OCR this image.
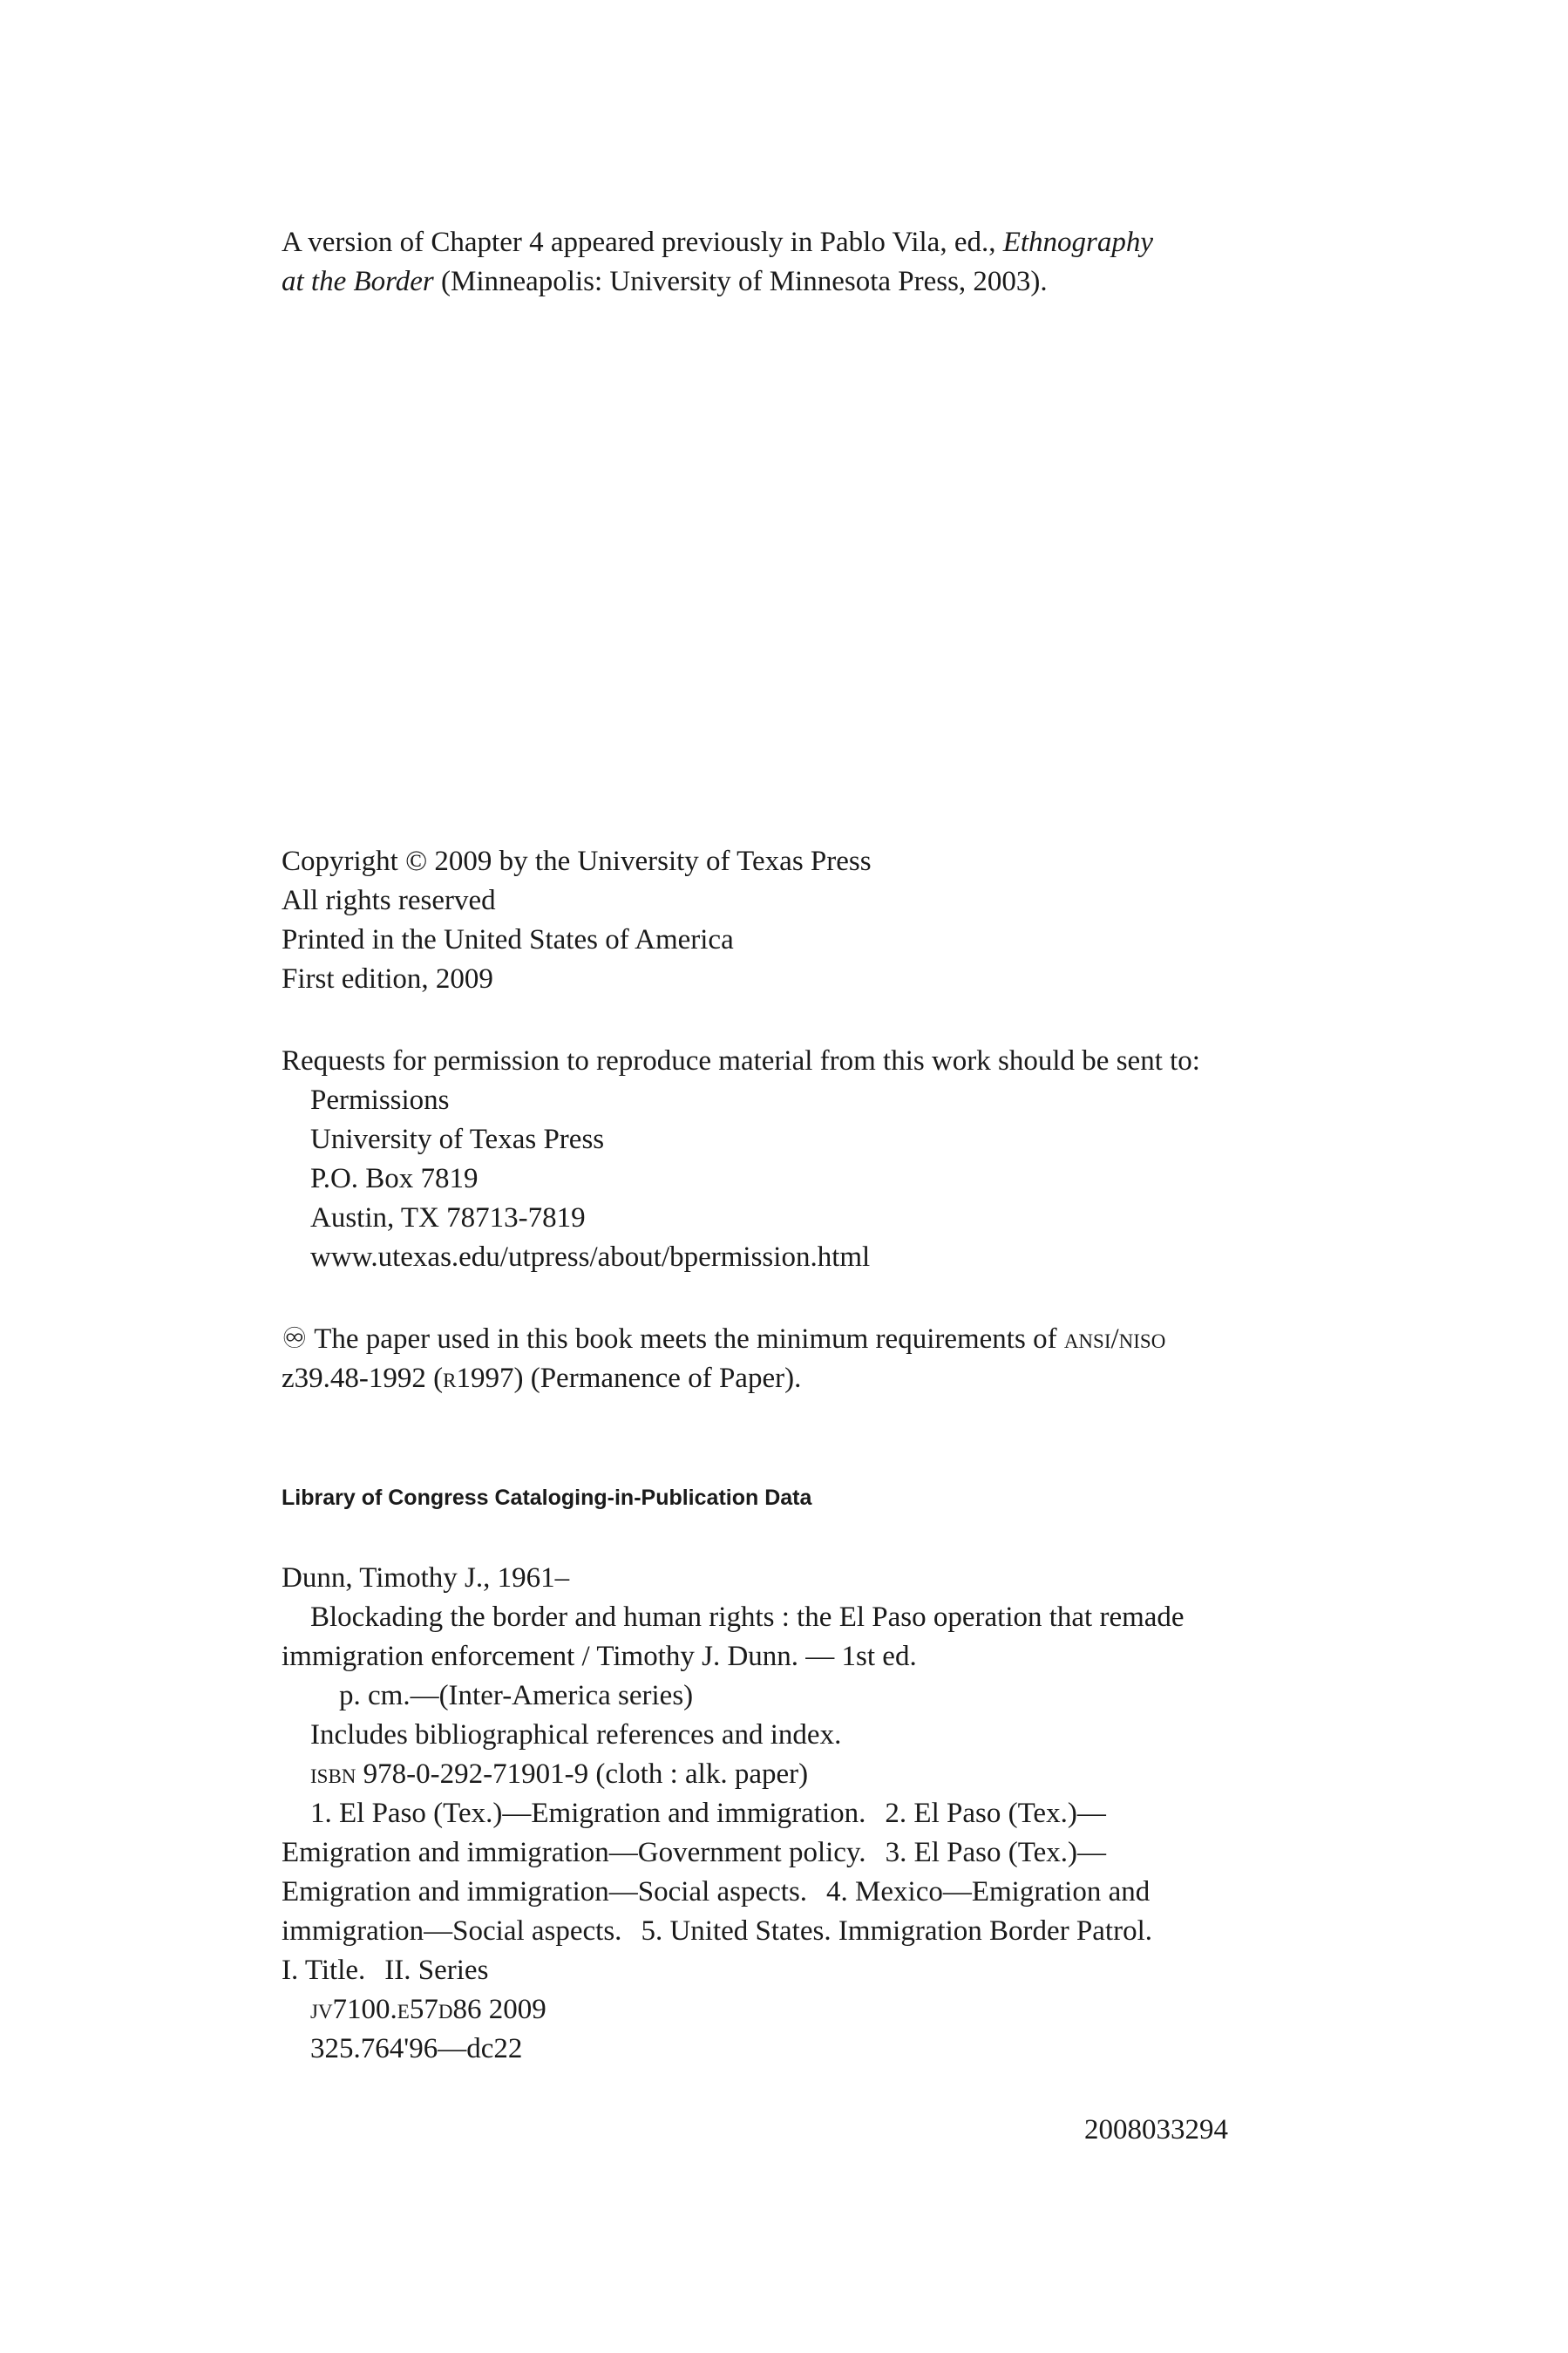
A version of Chapter 4 appeared previously in Pablo Vila, ed., Ethnography
at the Border (Minneapolis: University of Minnesota Press, 2003).
Copyright © 2009 by the University of Texas Press
All rights reserved
Printed in the United States of America
First edition, 2009
Requests for permission to reproduce material from this work should be sent to:
Permissions
University of Texas Press
P.O. Box 7819
Austin, TX 78713-7819
www.utexas.edu/utpress/about/bpermission.html
♾ The paper used in this book meets the minimum requirements of ansi/niso
z39.48-1992 (r1997) (Permanence of Paper).
Library of Congress Cataloging-in-Publication Data
Dunn, Timothy J., 1961–
Blockading the border and human rights : the El Paso operation that remade
immigration enforcement / Timothy J. Dunn. — 1st ed.
p. cm.—(Inter-America series)
Includes bibliographical references and index.
isbn 978-0-292-71901-9 (cloth : alk. paper)
1. El Paso (Tex.)—Emigration and immigration. 2. El Paso (Tex.)—
Emigration and immigration—Government policy. 3. El Paso (Tex.)—
Emigration and immigration—Social aspects. 4. Mexico—Emigration and
immigration—Social aspects. 5. United States. Immigration Border Patrol.
I. Title. II. Series
jv7100.e57d86 2009
325.764'96—dc22
2008033294
